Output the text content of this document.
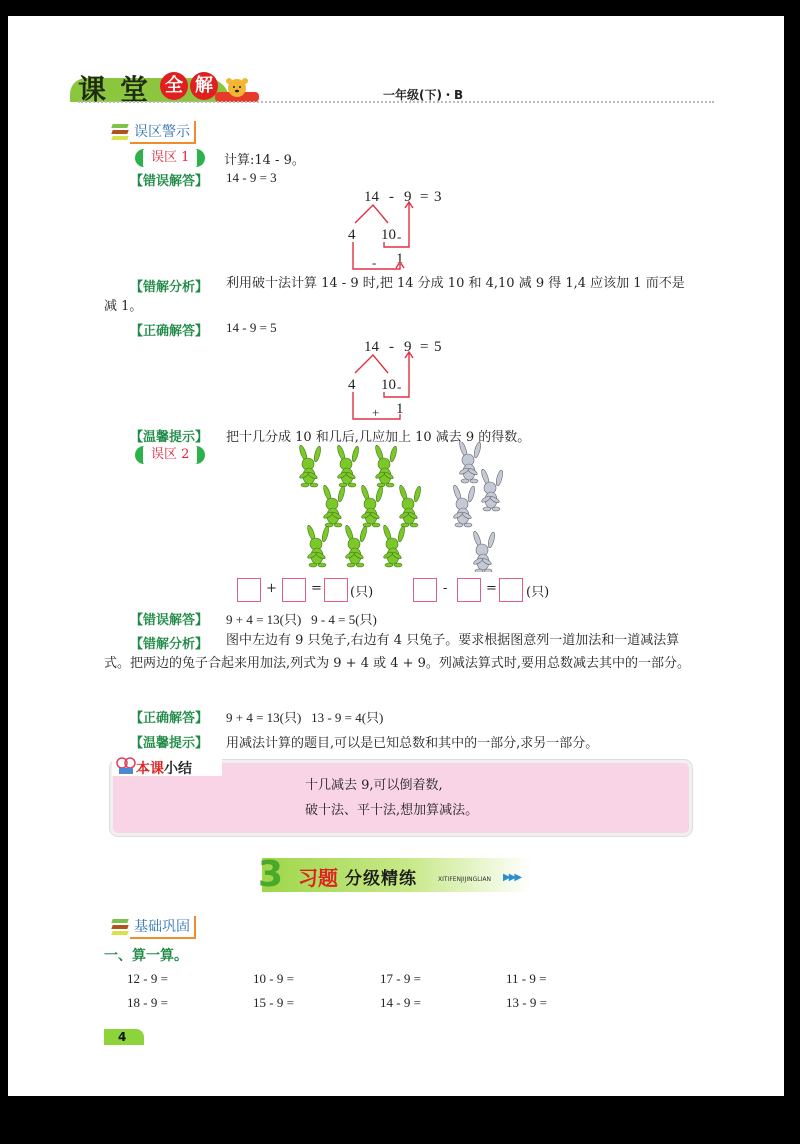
课 堂 全 解	一年级(下)・B
误区警示
误区 1	计算:14 - 9。
【错误解答】 14 - 9 = 3
14 - 9 = 3
4 10 -
1
-
【错解分析】	利用破十法计算 14 - 9 时,把 14 分成 10 和 4,10 减 9 得 1,4 应该加 1 而不是减 1。
【正确解答】 14 - 9 = 5
14 - 9 = 5
4 10 -
1
+
【温馨提示】 把十几分成 10 和几后,几应加上 10 减去 9 的得数。
误区 2
+	= (只)	-	= (只)
【错误解答】 9 + 4 = 13(只)   9 - 4 = 5(只)
【错解分析】	图中左边有 9 只兔子,右边有 4 只兔子。要求根据图意列一道加法和一道减法算式。把两边的兔子合起来用加法,列式为 9 + 4 或 4 + 9。列减法算式时,要用总数减去其中的一部分。
【正确解答】 9 + 4 = 13(只)   13 - 9 = 4(只)
【温馨提示】 用减法计算的题目,可以是已知总数和其中的一部分,求另一部分。
本课小结
十几减去 9,可以倒着数,
破十法、平十法,想加算减法。
3 习题 分级精练	XITIFENJIJINGLIAN ▶▶▶
基础巩固
一、算一算。
12 - 9 =	10 - 9 =	17 - 9 =	11 - 9 =
18 - 9 =	15 - 9 =	14 - 9 =	13 - 9 =
4
